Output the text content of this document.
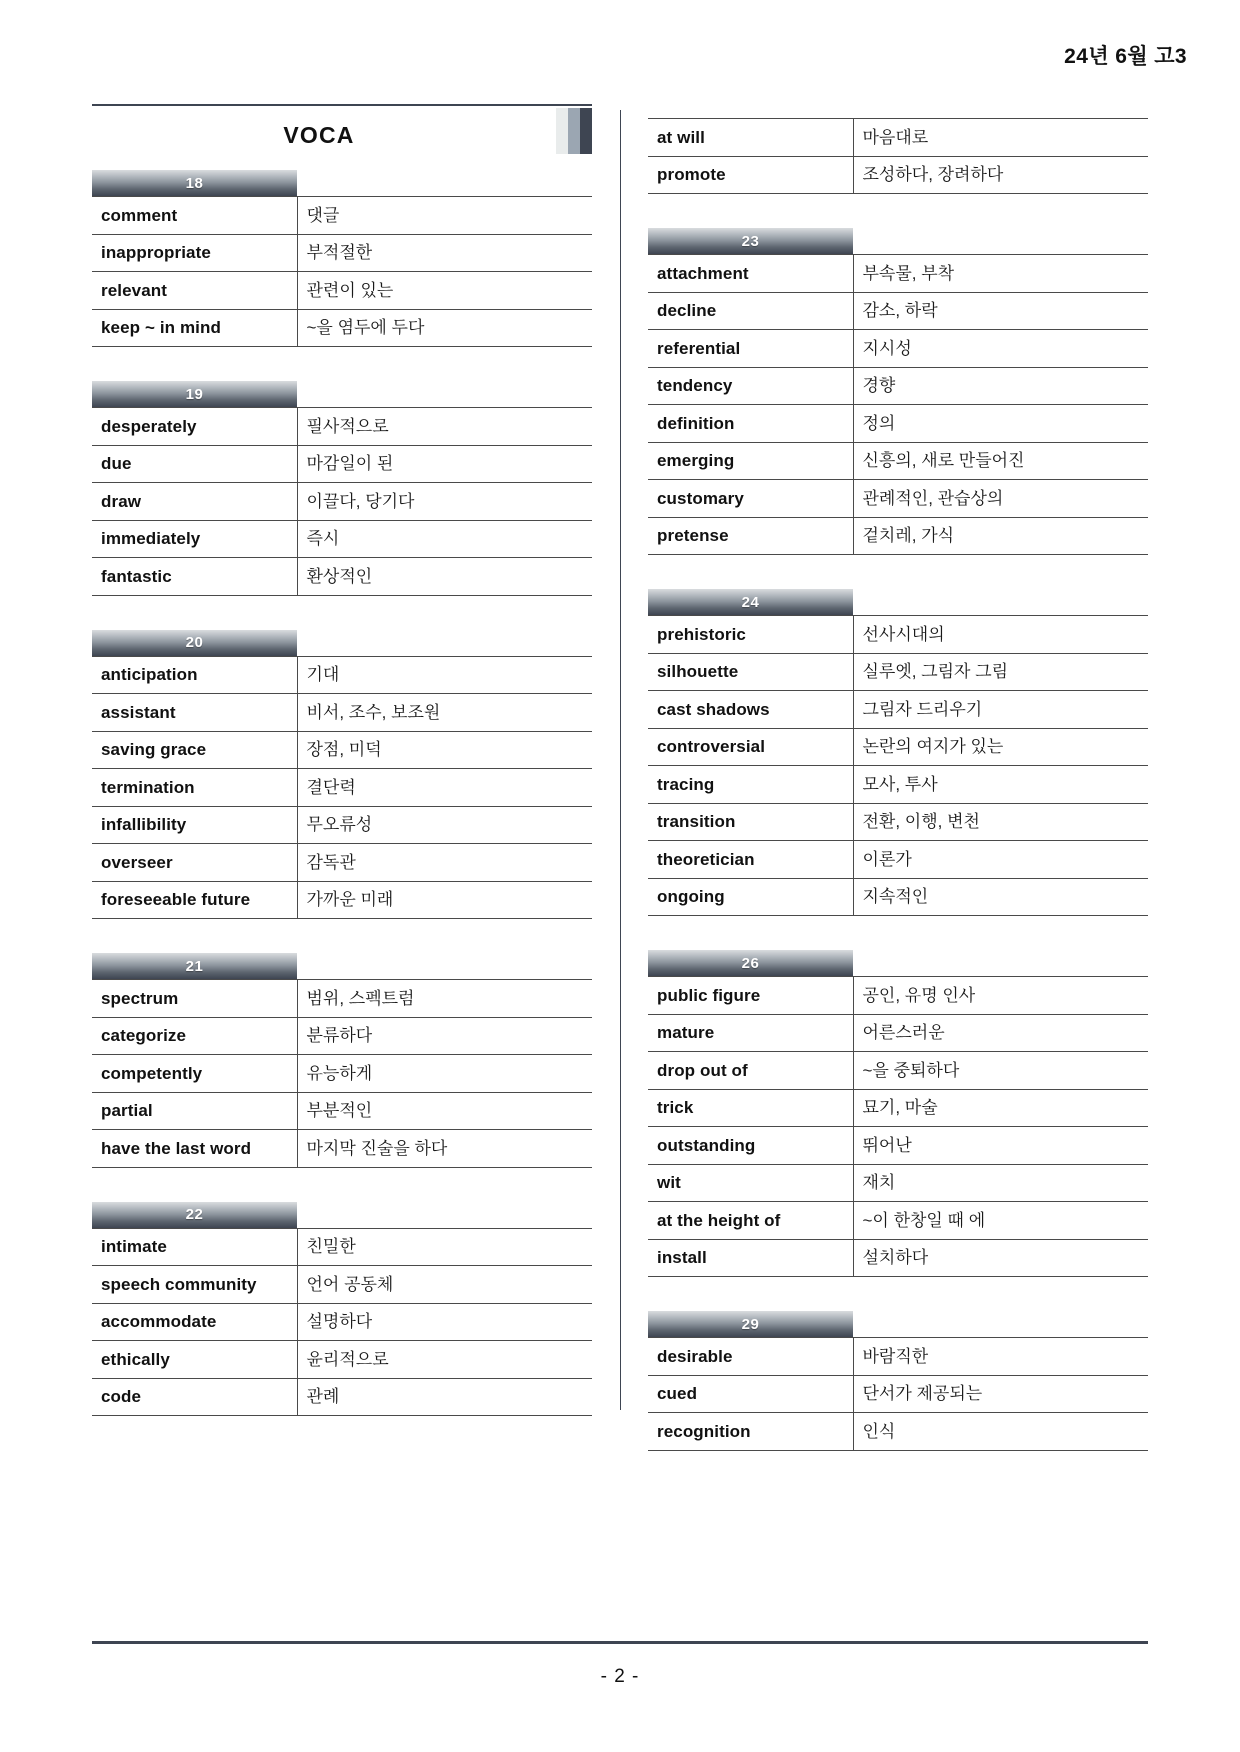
24년 6월 고3
VOCA
18
comment	댓글
inappropriate	부적절한
relevant	관련이 있는
keep ~ in mind	~을 염두에 두다
19
desperately	필사적으로
due	마감일이 된
draw	이끌다, 당기다
immediately	즉시
fantastic	환상적인
20
anticipation	기대
assistant	비서, 조수, 보조원
saving grace	장점, 미덕
termination	결단력
infallibility	무오류성
overseer	감독관
foreseeable future	가까운 미래
21
spectrum	범위, 스펙트럼
categorize	분류하다
competently	유능하게
partial	부분적인
have the last word	마지막 진술을 하다
22
intimate	친밀한
speech community	언어 공동체
accommodate	설명하다
ethically	윤리적으로
code	관례
at will	마음대로
promote	조성하다, 장려하다
23
attachment	부속물, 부착
decline	감소, 하락
referential	지시성
tendency	경향
definition	정의
emerging	신흥의, 새로 만들어진
customary	관례적인, 관습상의
pretense	겉치레, 가식
24
prehistoric	선사시대의
silhouette	실루엣, 그림자 그림
cast shadows	그림자 드리우기
controversial	논란의 여지가 있는
tracing	모사, 투사
transition	전환, 이행, 변천
theoretician	이론가
ongoing	지속적인
26
public figure	공인, 유명 인사
mature	어른스러운
drop out of	~을 중퇴하다
trick	묘기, 마술
outstanding	뛰어난
wit	재치
at the height of	~이 한창일 때 에
install	설치하다
29
desirable	바람직한
cued	단서가 제공되는
recognition	인식
- 2 -
